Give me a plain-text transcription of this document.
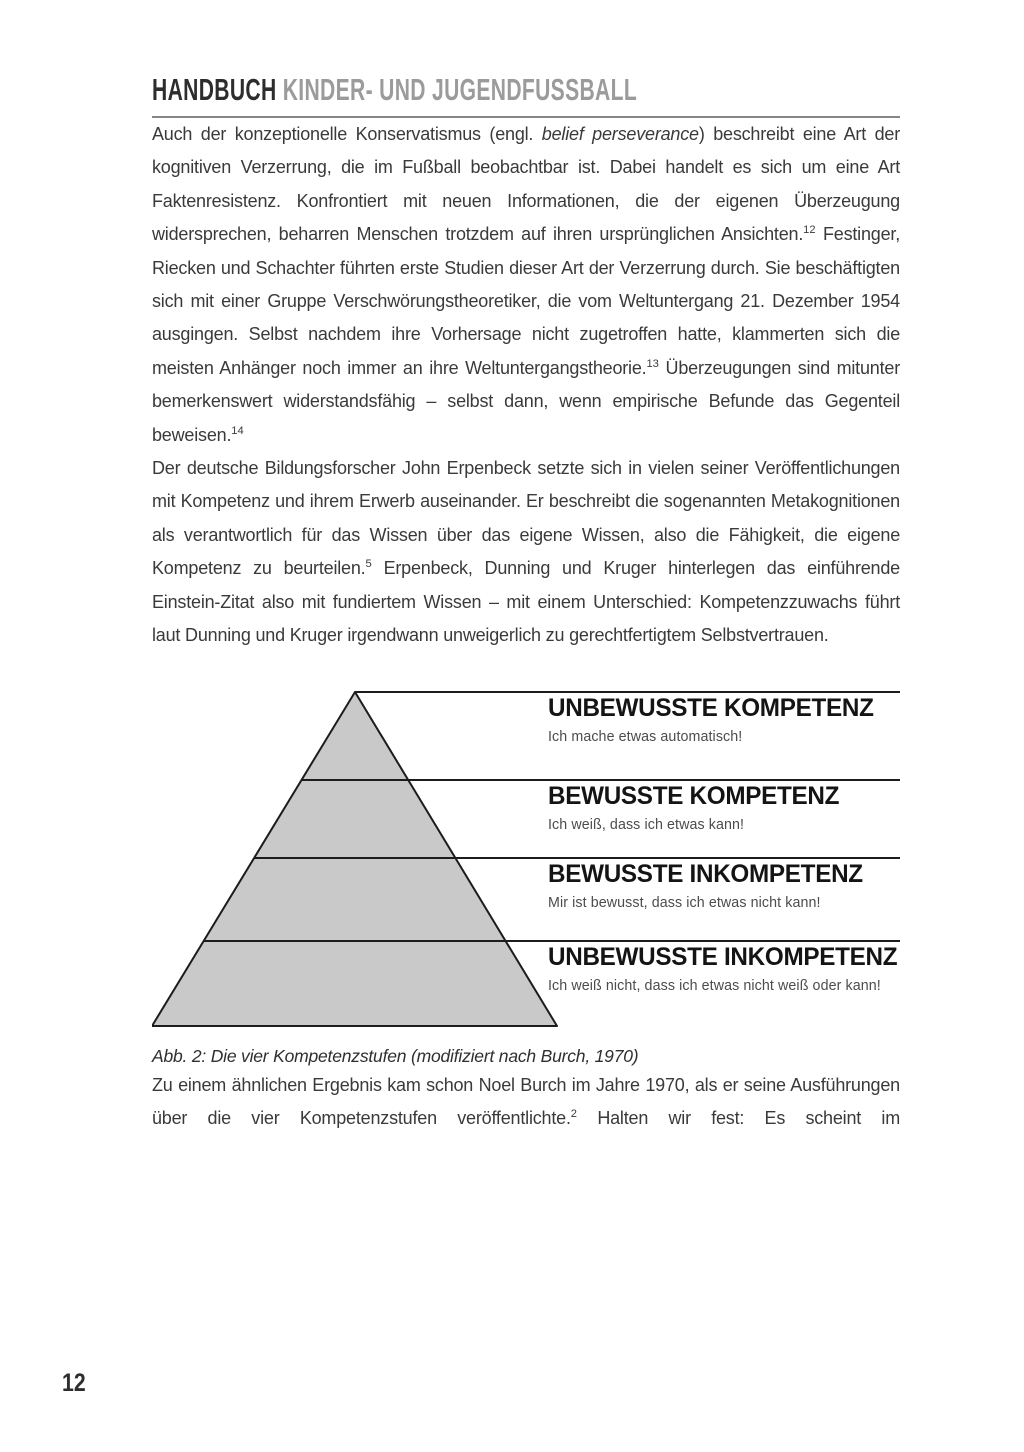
HANDBUCH KINDER- UND JUGENDFUSSBALL

Auch der konzeptionelle Konservatismus (engl. belief perseverance) beschreibt eine Art der kognitiven Verzerrung, die im Fußball beobachtbar ist. Dabei handelt es sich um eine Art Faktenresistenz. Konfrontiert mit neuen Informationen, die der eigenen Überzeugung widersprechen, beharren Menschen trotzdem auf ihren ursprünglichen Ansichten.$^{12}$ Festinger, Riecken und Schachter führten erste Studien dieser Art der Verzerrung durch. Sie beschäftigten sich mit einer Gruppe Verschwörungstheoretiker, die vom Weltuntergang 21. Dezember 1954 ausgingen. Selbst nachdem ihre Vorhersage nicht zugetroffen hatte, klammerten sich die meisten Anhänger noch immer an ihre Weltuntergangstheorie.$^{13}$ Überzeugungen sind mitunter bemerkenswert widerstandsfähig – selbst dann, wenn empirische Befunde das Gegenteil beweisen.$^{14}$

Der deutsche Bildungsforscher John Erpenbeck setzte sich in vielen seiner Veröffentlichungen mit Kompetenz und ihrem Erwerb auseinander. Er beschreibt die sogenannten Metakognitionen als verantwortlich für das Wissen über das eigene Wissen, also die Fähigkeit, die eigene Kompetenz zu beurteilen.$^5$ Erpenbeck, Dunning und Kruger hinterlegen das einführende Einstein-Zitat also mit fundiertem Wissen – mit einem Unterschied: Kompetenzzuwachs führt laut Dunning und Kruger irgendwann unweigerlich zu gerechtfertigtem Selbstvertrauen.

UNBEWUSSTE KOMPETENZ
Ich mache etwas automatisch!
BEWUSSTE KOMPETENZ
Ich weiß, dass ich etwas kann!
BEWUSSTE INKOMPETENZ
Mir ist bewusst, dass ich etwas nicht kann!
UNBEWUSSTE INKOMPETENZ
Ich weiß nicht, dass ich etwas nicht weiß oder kann!
Abb. 2: Die vier Kompetenzstufen (modifiziert nach Burch, 1970)

Zu einem ähnlichen Ergebnis kam schon Noel Burch im Jahre 1970, als er seine Ausführungen über die vier Kompetenzstufen veröffentlichte.$^2$ Halten wir fest: Es scheint im

12
